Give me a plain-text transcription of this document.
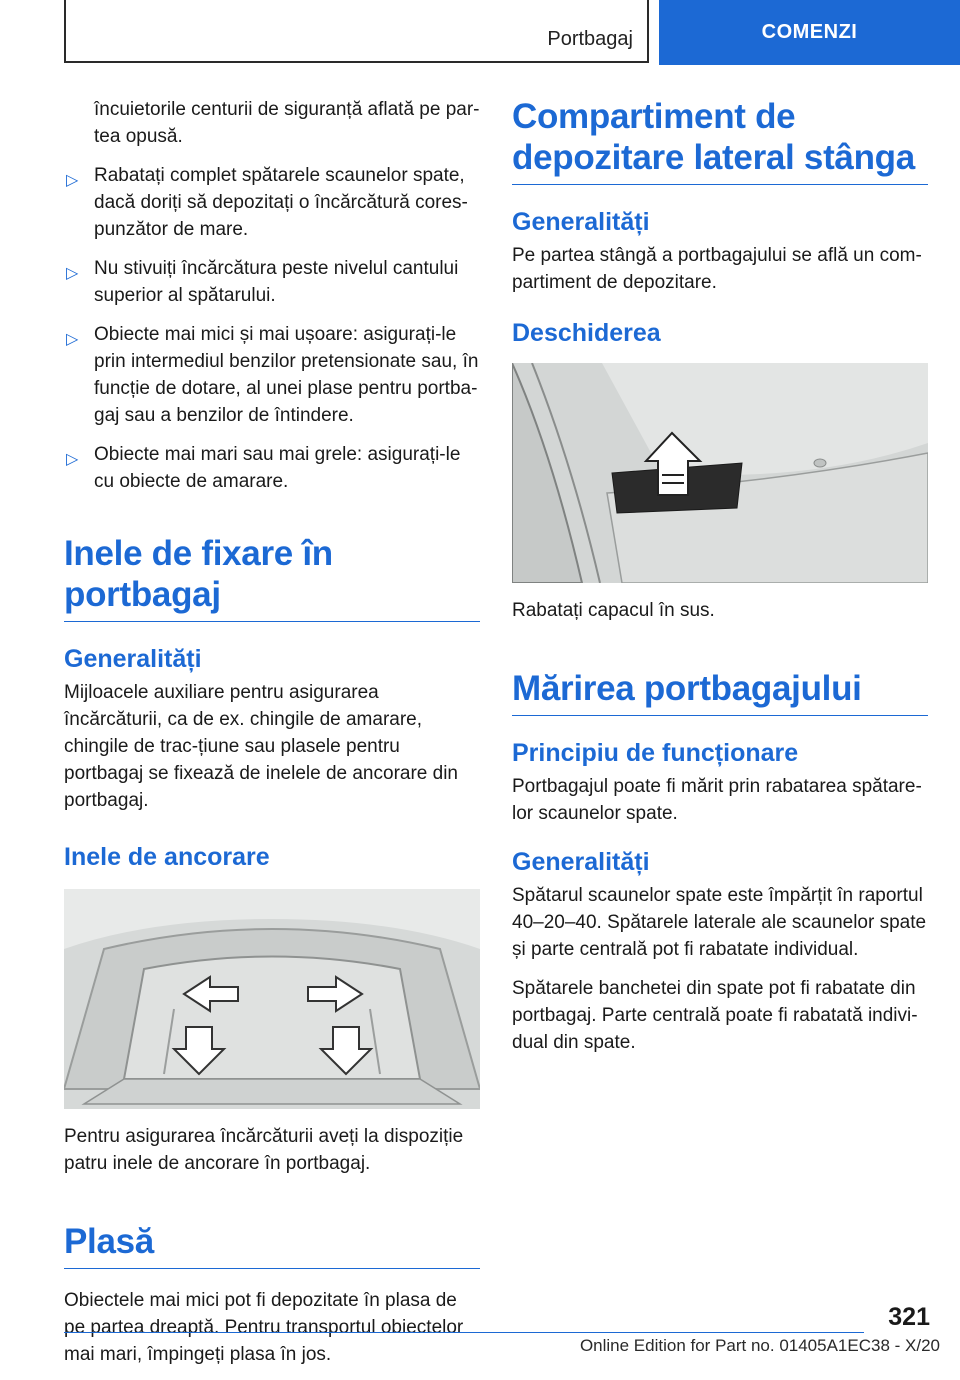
Portbagaj	COMENZI

încuietorile centurii de siguranță aflată pe par-tea opusă.

▷ Rabatați complet spătarele scaunelor spate, dacă doriți să depozitați o încărcătură cores-punzător de mare.
▷ Nu stivuiți încărcătura peste nivelul cantului superior al spătarului.
▷ Obiecte mai mici și mai ușoare: asigurați-le prin intermediul benzilor pretensionate sau, în funcție de dotare, al unei plase pentru portba-gaj sau a benzilor de întindere.
▷ Obiecte mai mari sau mai grele: asigurați-le cu obiecte de amarare.
Inele de fixare în portbagaj
Generalități

Mijloacele auxiliare pentru asigurarea încărcăturii, ca de ex. chingile de amarare, chingile de trac-țiune sau plasele pentru portbagaj se fixează de inelele de ancorare din portbagaj.

Inele de ancorare

Pentru asigurarea încărcăturii aveți la dispoziție patru inele de ancorare în portbagaj.

Plasă

Obiectele mai mici pot fi depozitate în plasa de pe partea dreaptă. Pentru transportul obiectelor mai mari, împingeți plasa în jos.

Compartiment de depozitare lateral stânga
Generalități

Pe partea stângă a portbagajului se află un com-partiment de depozitare.

Deschiderea

Rabatați capacul în sus.

Mărirea portbagajului
Principiu de funcționare

Portbagajul poate fi mărit prin rabatarea spătare-lor scaunelor spate.

Generalități

Spătarul scaunelor spate este împărțit în raportul 40–20–40. Spătarele laterale ale scaunelor spate și parte centrală pot fi rabatate individual.

Spătarele banchetei din spate pot fi rabatate din portbagaj. Parte centrală poate fi rabatată indivi-dual din spate.

321
Online Edition for Part no. 01405A1EC38 - X/20
